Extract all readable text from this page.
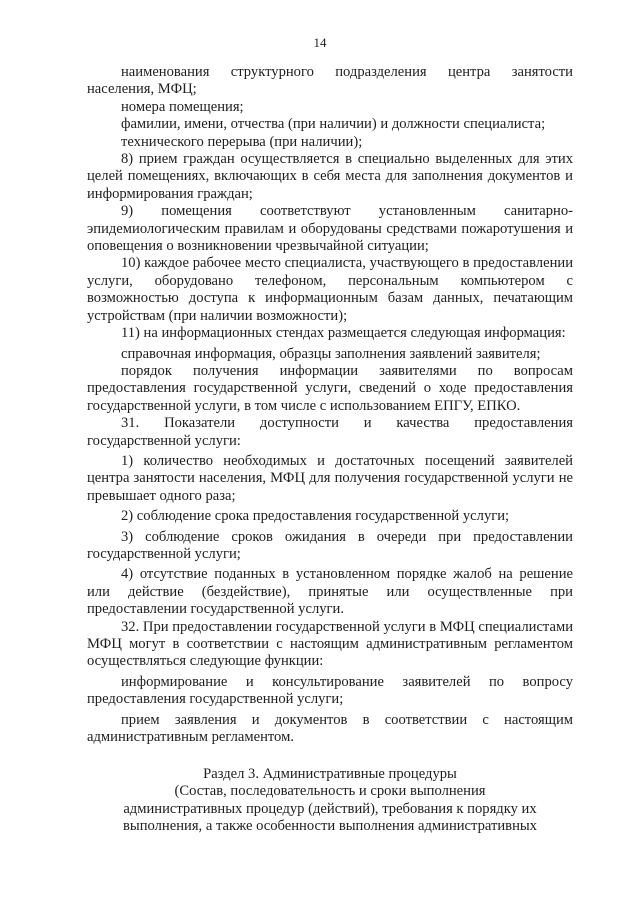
14

наименования структурного подразделения центра занятости населения, МФЦ;

номера помещения;

фамилии, имени, отчества (при наличии) и должности специалиста;

технического перерыва (при наличии);

8) прием граждан осуществляется в специально выделенных для этих целей помещениях, включающих в себя места для заполнения документов и информирования граждан;

9) помещения соответствуют установленным санитарно-эпидемиологическим правилам и оборудованы средствами пожаротушения и оповещения о возникновении чрезвычайной ситуации;

10) каждое рабочее место специалиста, участвующего в предоставлении услуги, оборудовано телефоном, персональным компьютером с возможностью доступа к информационным базам данных, печатающим устройствам (при наличии возможности);

11) на информационных стендах размещается следующая информация:

справочная информация, образцы заполнения заявлений заявителя;

порядок получения информации заявителями по вопросам предоставления государственной услуги, сведений о ходе предоставления государственной услуги, в том числе с использованием ЕПГУ, ЕПКО.

31. Показатели доступности и качества предоставления государственной услуги:

1) количество необходимых и достаточных посещений заявителей центра занятости населения, МФЦ для получения государственной услуги не превышает одного раза;

2) соблюдение срока предоставления государственной услуги;

3) соблюдение сроков ожидания в очереди при предоставлении государственной услуги;

4) отсутствие поданных в установленном порядке жалоб на решение или действие (бездействие), принятые или осуществленные при предоставлении государственной услуги.

32. При предоставлении государственной услуги в МФЦ специалистами МФЦ могут в соответствии с настоящим административным регламентом осуществляться следующие функции:

информирование и консультирование заявителей по вопросу предоставления государственной услуги;

прием заявления и документов в соответствии с настоящим административным регламентом.

Раздел 3. Административные процедуры
(Состав, последовательность и сроки выполнения
административных процедур (действий), требования к порядку их
выполнения, а также особенности выполнения административных
